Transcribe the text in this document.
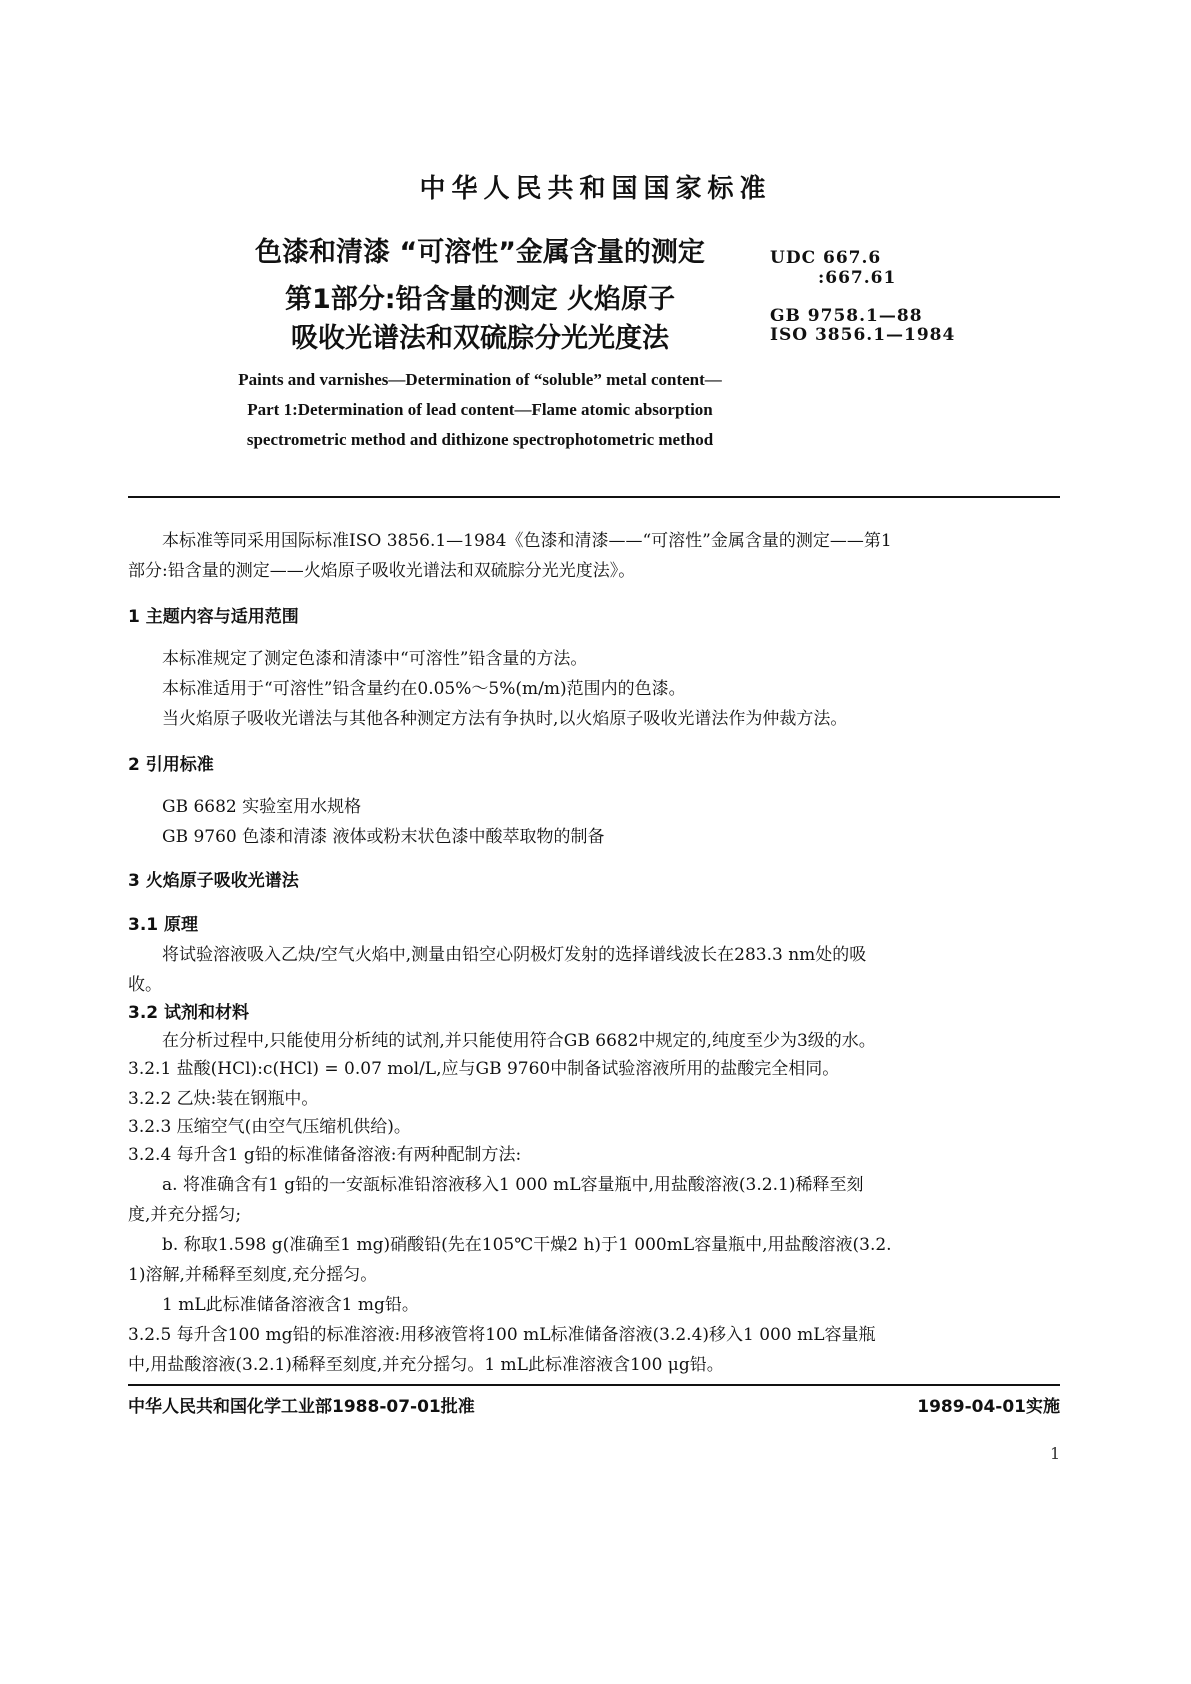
中华人民共和国国家标准
色漆和清漆 “可溶性”金属含量的测定
第1部分:铅含量的测定 火焰原子
吸收光谱法和双硫腙分光光度法
UDC 667.6
:667.61
GB 9758.1—88
ISO 3856.1—1984
Paints and varnishes—Determination of “soluble” metal content—
Part 1:Determination of lead content—Flame atomic absorption
spectrometric method and dithizone spectrophotometric method
本标准等同采用国际标准ISO 3856.1—1984《色漆和清漆——“可溶性”金属含量的测定——第1
部分:铅含量的测定——火焰原子吸收光谱法和双硫腙分光光度法》。
1 主题内容与适用范围
本标准规定了测定色漆和清漆中“可溶性”铅含量的方法。
本标准适用于“可溶性”铅含量约在0.05%～5%(m/m)范围内的色漆。
当火焰原子吸收光谱法与其他各种测定方法有争执时,以火焰原子吸收光谱法作为仲裁方法。
2 引用标准
GB 6682 实验室用水规格
GB 9760 色漆和清漆 液体或粉末状色漆中酸萃取物的制备
3 火焰原子吸收光谱法
3.1 原理
将试验溶液吸入乙炔/空气火焰中,测量由铅空心阴极灯发射的选择谱线波长在283.3 nm处的吸
收。
3.2 试剂和材料
在分析过程中,只能使用分析纯的试剂,并只能使用符合GB 6682中规定的,纯度至少为3级的水。
3.2.1 盐酸(HCl):c(HCl) = 0.07 mol/L,应与GB 9760中制备试验溶液所用的盐酸完全相同。
3.2.2 乙炔:装在钢瓶中。
3.2.3 压缩空气(由空气压缩机供给)。
3.2.4 每升含1 g铅的标准储备溶液:有两种配制方法:
a. 将准确含有1 g铅的一安瓿标准铅溶液移入1 000 mL容量瓶中,用盐酸溶液(3.2.1)稀释至刻
度,并充分摇匀;
b. 称取1.598 g(准确至1 mg)硝酸铅(先在105℃干燥2 h)于1 000mL容量瓶中,用盐酸溶液(3.2.
1)溶解,并稀释至刻度,充分摇匀。
1 mL此标准储备溶液含1 mg铅。
3.2.5 每升含100 mg铅的标准溶液:用移液管将100 mL标准储备溶液(3.2.4)移入1 000 mL容量瓶
中,用盐酸溶液(3.2.1)稀释至刻度,并充分摇匀。1 mL此标准溶液含100 μg铅。
中华人民共和国化学工业部1988-07-01批准	1989-04-01实施
1
